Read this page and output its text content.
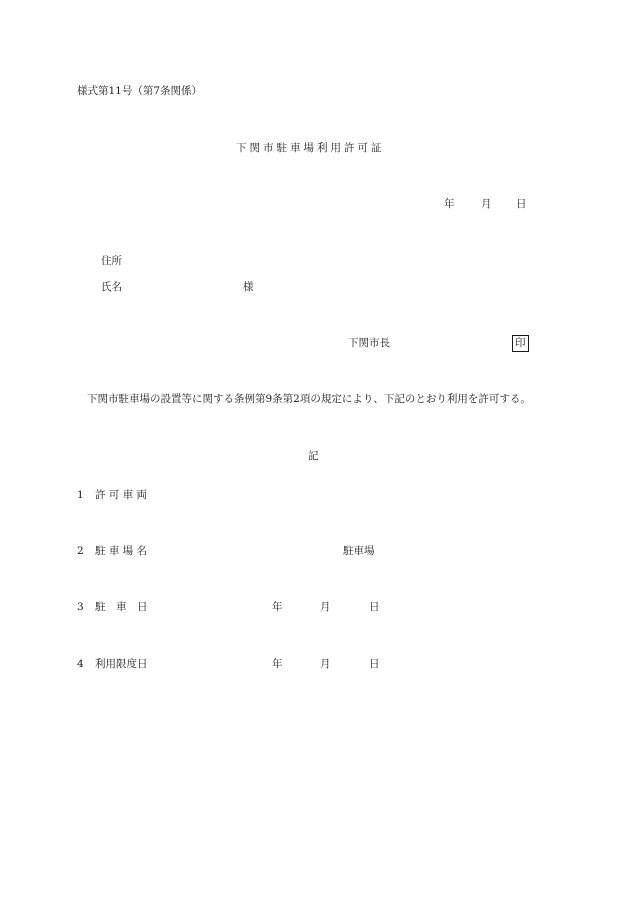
様式第11号（第7条関係）
下関市駐車場利用許可証
年	月 日
住所
氏名	様
下関市長	印
下関市駐車場の設置等に関する条例第9条第2項の規定により、下記のとおり利用を許可する。
記
1 許 可 車 両
2 駐 車 場 名	駐車場
3 駐　車　日	年	月	日
4 利用限度日	年	月	日
